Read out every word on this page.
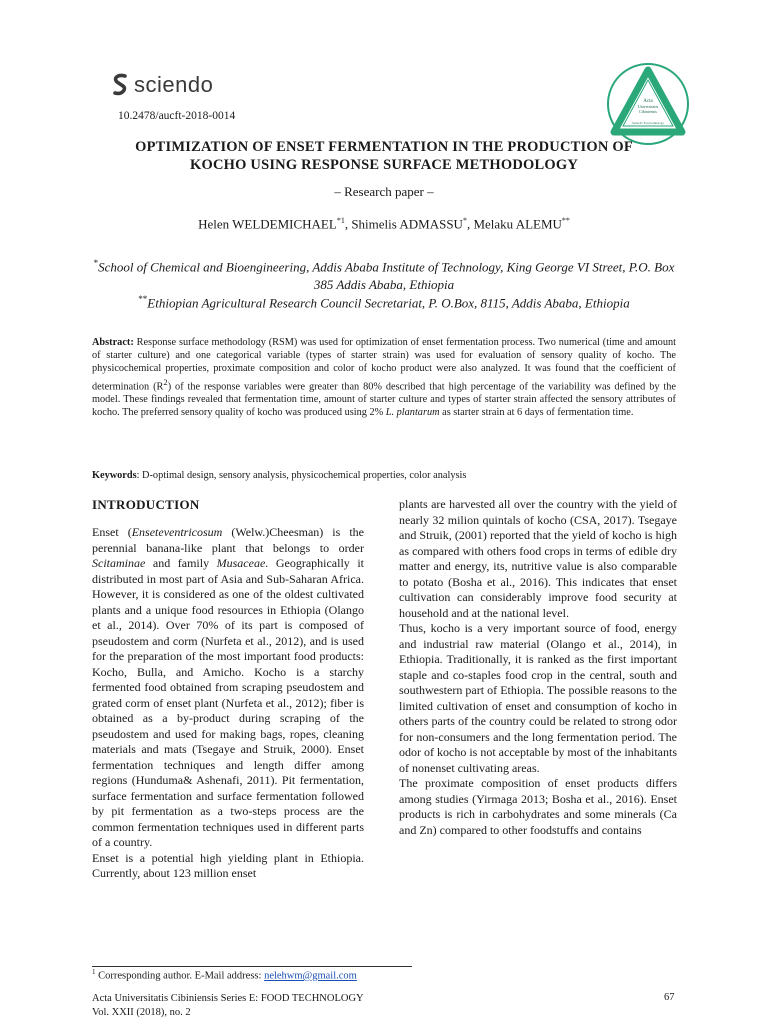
sciendo
10.2478/aucft-2018-0014
Acta
Universitatis
Cibiniensis
Series E: Food technology
OPTIMIZATION OF ENSET FERMENTATION IN THE PRODUCTION OF
KOCHO USING RESPONSE SURFACE METHODOLOGY
– Research paper –
Helen WELDEMICHAEL$^{*1}$, Shimelis ADMASSU*, Melaku ALEMU**
*School of Chemical and Bioengineering, Addis Ababa Institute of Technology, King George VI Street, P.O. Box 385 Addis Ababa, Ethiopia
**Ethiopian Agricultural Research Council Secretariat, P. O.Box, 8115, Addis Ababa, Ethiopia
Abstract: Response surface methodology (RSM) was used for optimization of enset fermentation process. Two numerical (time and amount of starter culture) and one categorical variable (types of starter strain) was used for evaluation of sensory quality of kocho. The physicochemical properties, proximate composition and color of kocho product were also analyzed. It was found that the coefficient of determination $(R^2)$ of the response variables were greater than 80% described that high percentage of the variability was defined by the model. These findings revealed that fermentation time, amount of starter culture and types of starter strain affected the sensory attributes of kocho. The preferred sensory quality of kocho was produced using 2% L. plantarum as starter strain at 6 days of fermentation time.
Keywords: D-optimal design, sensory analysis, physicochemical properties, color analysis
INTRODUCTION

Enset (Enseteventricosum (Welw.)Cheesman) is the perennial banana-like plant that belongs to order Scitaminae and family Musaceae. Geographically it distributed in most part of Asia and Sub-Saharan Africa. However, it is considered as one of the oldest cultivated plants and a unique food resources in Ethiopia (Olango et al., 2014). Over 70% of its part is composed of pseudostem and corm (Nurfeta et al., 2012), and is used for the preparation of the most important food products: Kocho, Bulla, and Amicho. Kocho is a starchy fermented food obtained from scraping pseudostem and grated corm of enset plant (Nurfeta et al., 2012); fiber is obtained as a by-product during scraping of the pseudostem and used for making bags, ropes, cleaning materials and mats (Tsegaye and Struik, 2000). Enset fermentation techniques and length differ among regions (Hunduma& Ashenafi, 2011). Pit fermentation, surface fermentation and surface fermentation followed by pit fermentation as a two-steps process are the common fermentation techniques used in different parts of a country.

Enset is a potential high yielding plant in Ethiopia. Currently, about 123 million enset

plants are harvested all over the country with the yield of nearly 32 milion quintals of kocho (CSA, 2017). Tsegaye and Struik, (2001) reported that the yield of kocho is high as compared with others food crops in terms of edible dry matter and energy, its, nutritive value is also comparable to potato (Bosha et al., 2016). This indicates that enset cultivation can considerably improve food security at household and at the national level.

Thus, kocho is a very important source of food, energy and industrial raw material (Olango et al., 2014), in Ethiopia. Traditionally, it is ranked as the first important staple and co-staples food crop in the central, south and southwestern part of Ethiopia. The possible reasons to the limited cultivation of enset and consumption of kocho in others parts of the country could be related to strong odor for non-consumers and the long fermentation period. The odor of kocho is not acceptable by most of the inhabitants of nonenset cultivating areas.

The proximate composition of enset products differs among studies (Yirmaga 2013; Bosha et al., 2016). Enset products is rich in carbohydrates and some minerals (Ca and Zn) compared to other foodstuffs and contains

$^1$ Corresponding author. E-Mail address: nelehwm@gmail.com
Acta Universitatis Cibiniensis Series E: FOOD TECHNOLOGY
Vol. XXII (2018), no. 2
67
